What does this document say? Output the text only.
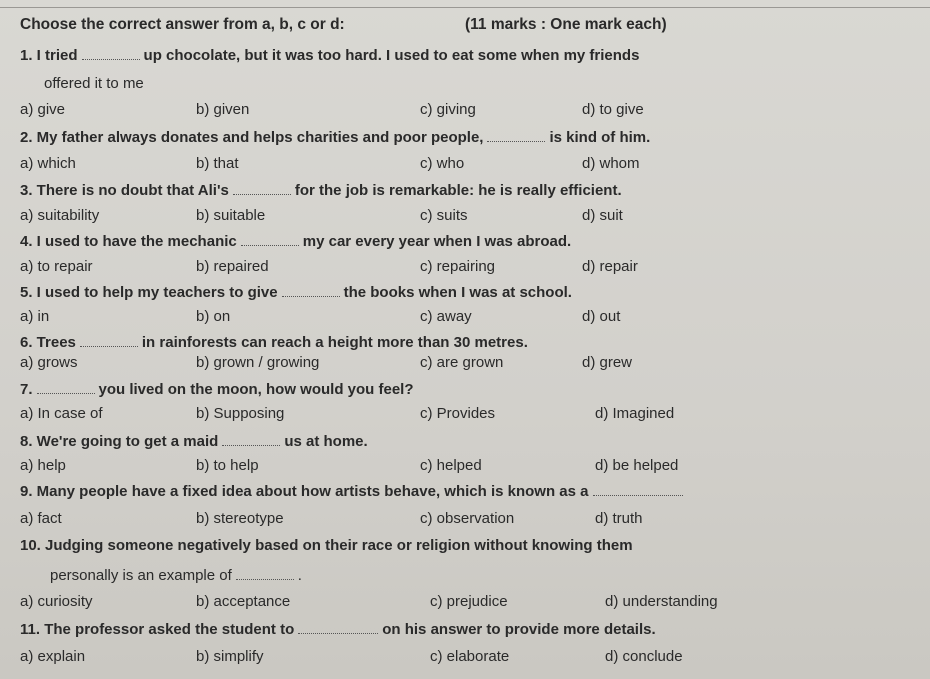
Choose the correct answer from a, b, c or d:	(11 marks : One mark each)
1. I tried	up chocolate, but it was too hard. I used to eat some when my friends
offered it to me
a) give	b) given	c) giving	d) to give
2. My father always donates and helps charities and poor people,	is kind of him.
a) which	b) that	c) who	d) whom
3. There is no doubt that Ali's	for the job is remarkable: he is really efficient.
a) suitability	b) suitable	c) suits	d) suit
4. I used to have the mechanic	my car every year when I was abroad.
a) to repair	b) repaired	c) repairing	d) repair
5. I used to help my teachers to give	the books when I was at school.
a) in	b) on	c) away	d) out
6. Trees	in rainforests can reach a height more than 30 metres.
a) grows	b) grown / growing	c) are grown	d) grew
7.	you lived on the moon, how would you feel?
a) In case of	b) Supposing	c) Provides	d) Imagined
8. We're going to get a maid	us at home.
a) help	b) to help	c) helped	d) be helped
9. Many people have a fixed idea about how artists behave, which is known as a
a) fact	b) stereotype	c) observation	d) truth
10. Judging someone negatively based on their race or religion without knowing them
personally is an example of	.
a) curiosity	b) acceptance	c) prejudice	d) understanding
11. The professor asked the student to	on his answer to provide more details.
a) explain	b) simplify	c) elaborate	d) conclude
